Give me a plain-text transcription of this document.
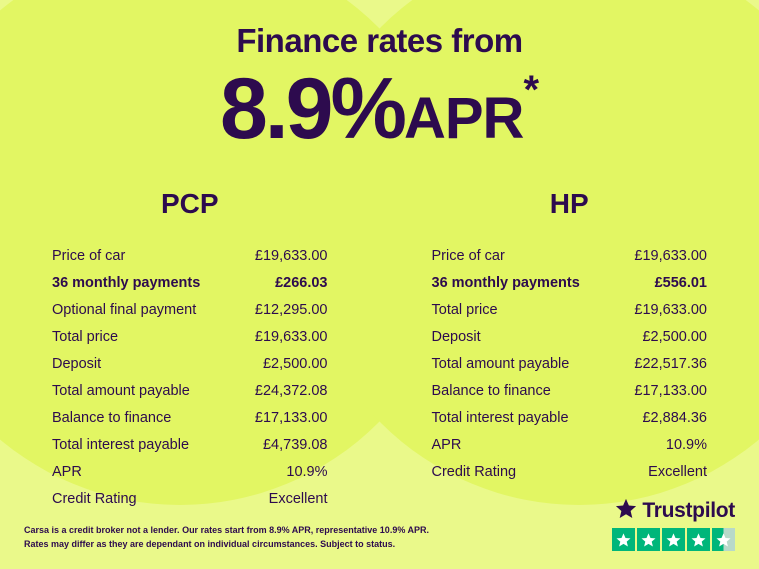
Finance rates from
8.9%APR*
PCP
Price of car	£19,633.00
36 monthly payments	£266.03
Optional final payment	£12,295.00
Total price	£19,633.00
Deposit	£2,500.00
Total amount payable	£24,372.08
Balance to finance	£17,133.00
Total interest payable	£4,739.08
APR	10.9%
Credit Rating	Excellent
HP
Price of car	£19,633.00
36 monthly payments	£556.01
Total price	£19,633.00
Deposit	£2,500.00
Total amount payable	£22,517.36
Balance to finance	£17,133.00
Total interest payable	£2,884.36
APR	10.9%
Credit Rating	Excellent
Carsa is a credit broker not a lender. Our rates start from 8.9% APR, representative 10.9% APR.
Rates may differ as they are dependant on individual circumstances. Subject to status.
Trustpilot
